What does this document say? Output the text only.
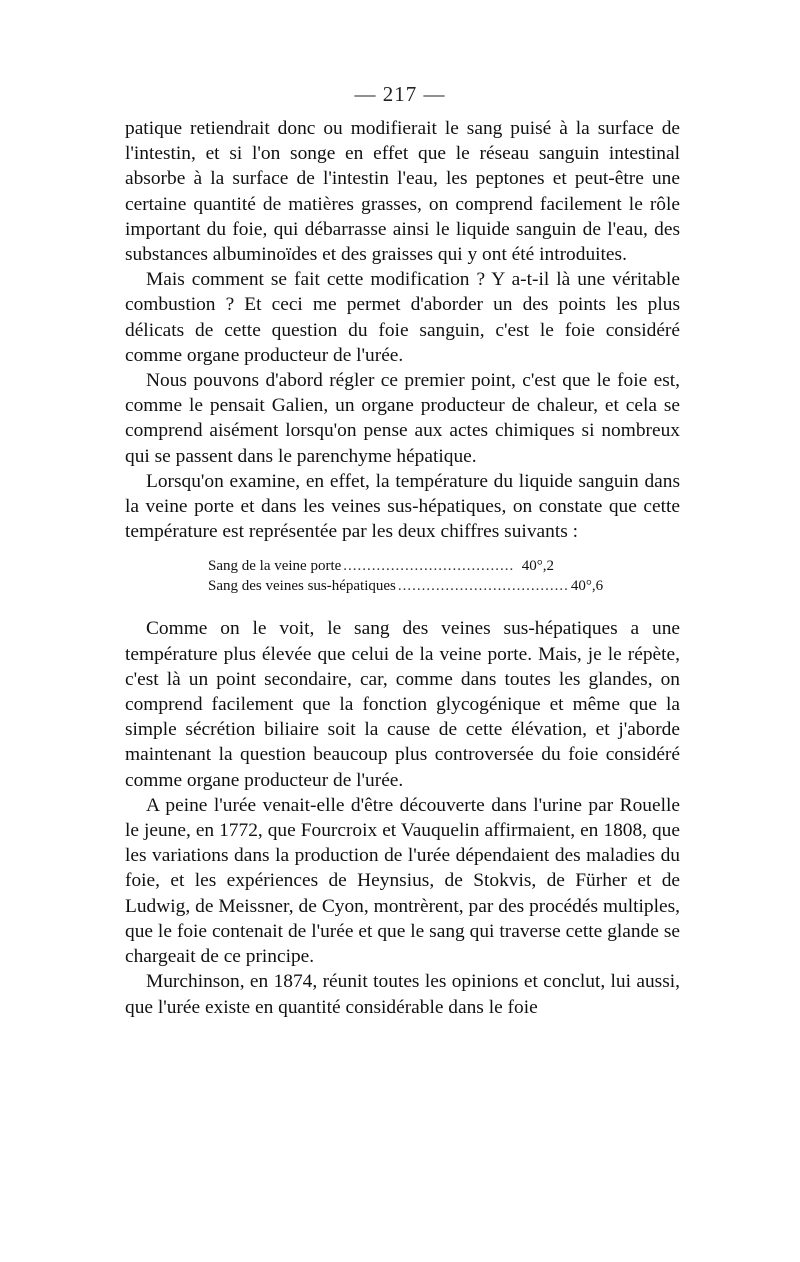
— 217 —

patique retiendrait donc ou modifierait le sang puisé à la surface de l'intestin, et si l'on songe en effet que le réseau sanguin intestinal absorbe à la surface de l'intestin l'eau, les peptones et peut-être une certaine quantité de matières grasses, on comprend facilement le rôle important du foie, qui débarrasse ainsi le liquide sanguin de l'eau, des substances albuminoïdes et des graisses qui y ont été introduites.

Mais comment se fait cette modification ? Y a-t-il là une véritable combustion ? Et ceci me permet d'aborder un des points les plus délicats de cette question du foie sanguin, c'est le foie considéré comme organe producteur de l'urée.

Nous pouvons d'abord régler ce premier point, c'est que le foie est, comme le pensait Galien, un organe producteur de chaleur, et cela se comprend aisément lorsqu'on pense aux actes chimiques si nombreux qui se passent dans le parenchyme hépatique.

Lorsqu'on examine, en effet, la température du liquide sanguin dans la veine porte et dans les veines sus-hépatiques, on constate que cette température est représentée par les deux chiffres suivants :

Sang de la veine porte .................................... 40°,2
Sang des veines sus-hépatiques .................................... 40°,6

Comme on le voit, le sang des veines sus-hépatiques a une température plus élevée que celui de la veine porte. Mais, je le répète, c'est là un point secondaire, car, comme dans toutes les glandes, on comprend facilement que la fonction glycogénique et même que la simple sécrétion biliaire soit la cause de cette élévation, et j'aborde maintenant la question beaucoup plus controversée du foie considéré comme organe producteur de l'urée.

A peine l'urée venait-elle d'être découverte dans l'urine par Rouelle le jeune, en 1772, que Fourcroix et Vauquelin affirmaient, en 1808, que les variations dans la production de l'urée dépendaient des maladies du foie, et les expériences de Heynsius, de Stokvis, de Fürher et de Ludwig, de Meissner, de Cyon, montrèrent, par des procédés multiples, que le foie contenait de l'urée et que le sang qui traverse cette glande se chargeait de ce principe.

Murchinson, en 1874, réunit toutes les opinions et conclut, lui aussi, que l'urée existe en quantité considérable dans le foie
